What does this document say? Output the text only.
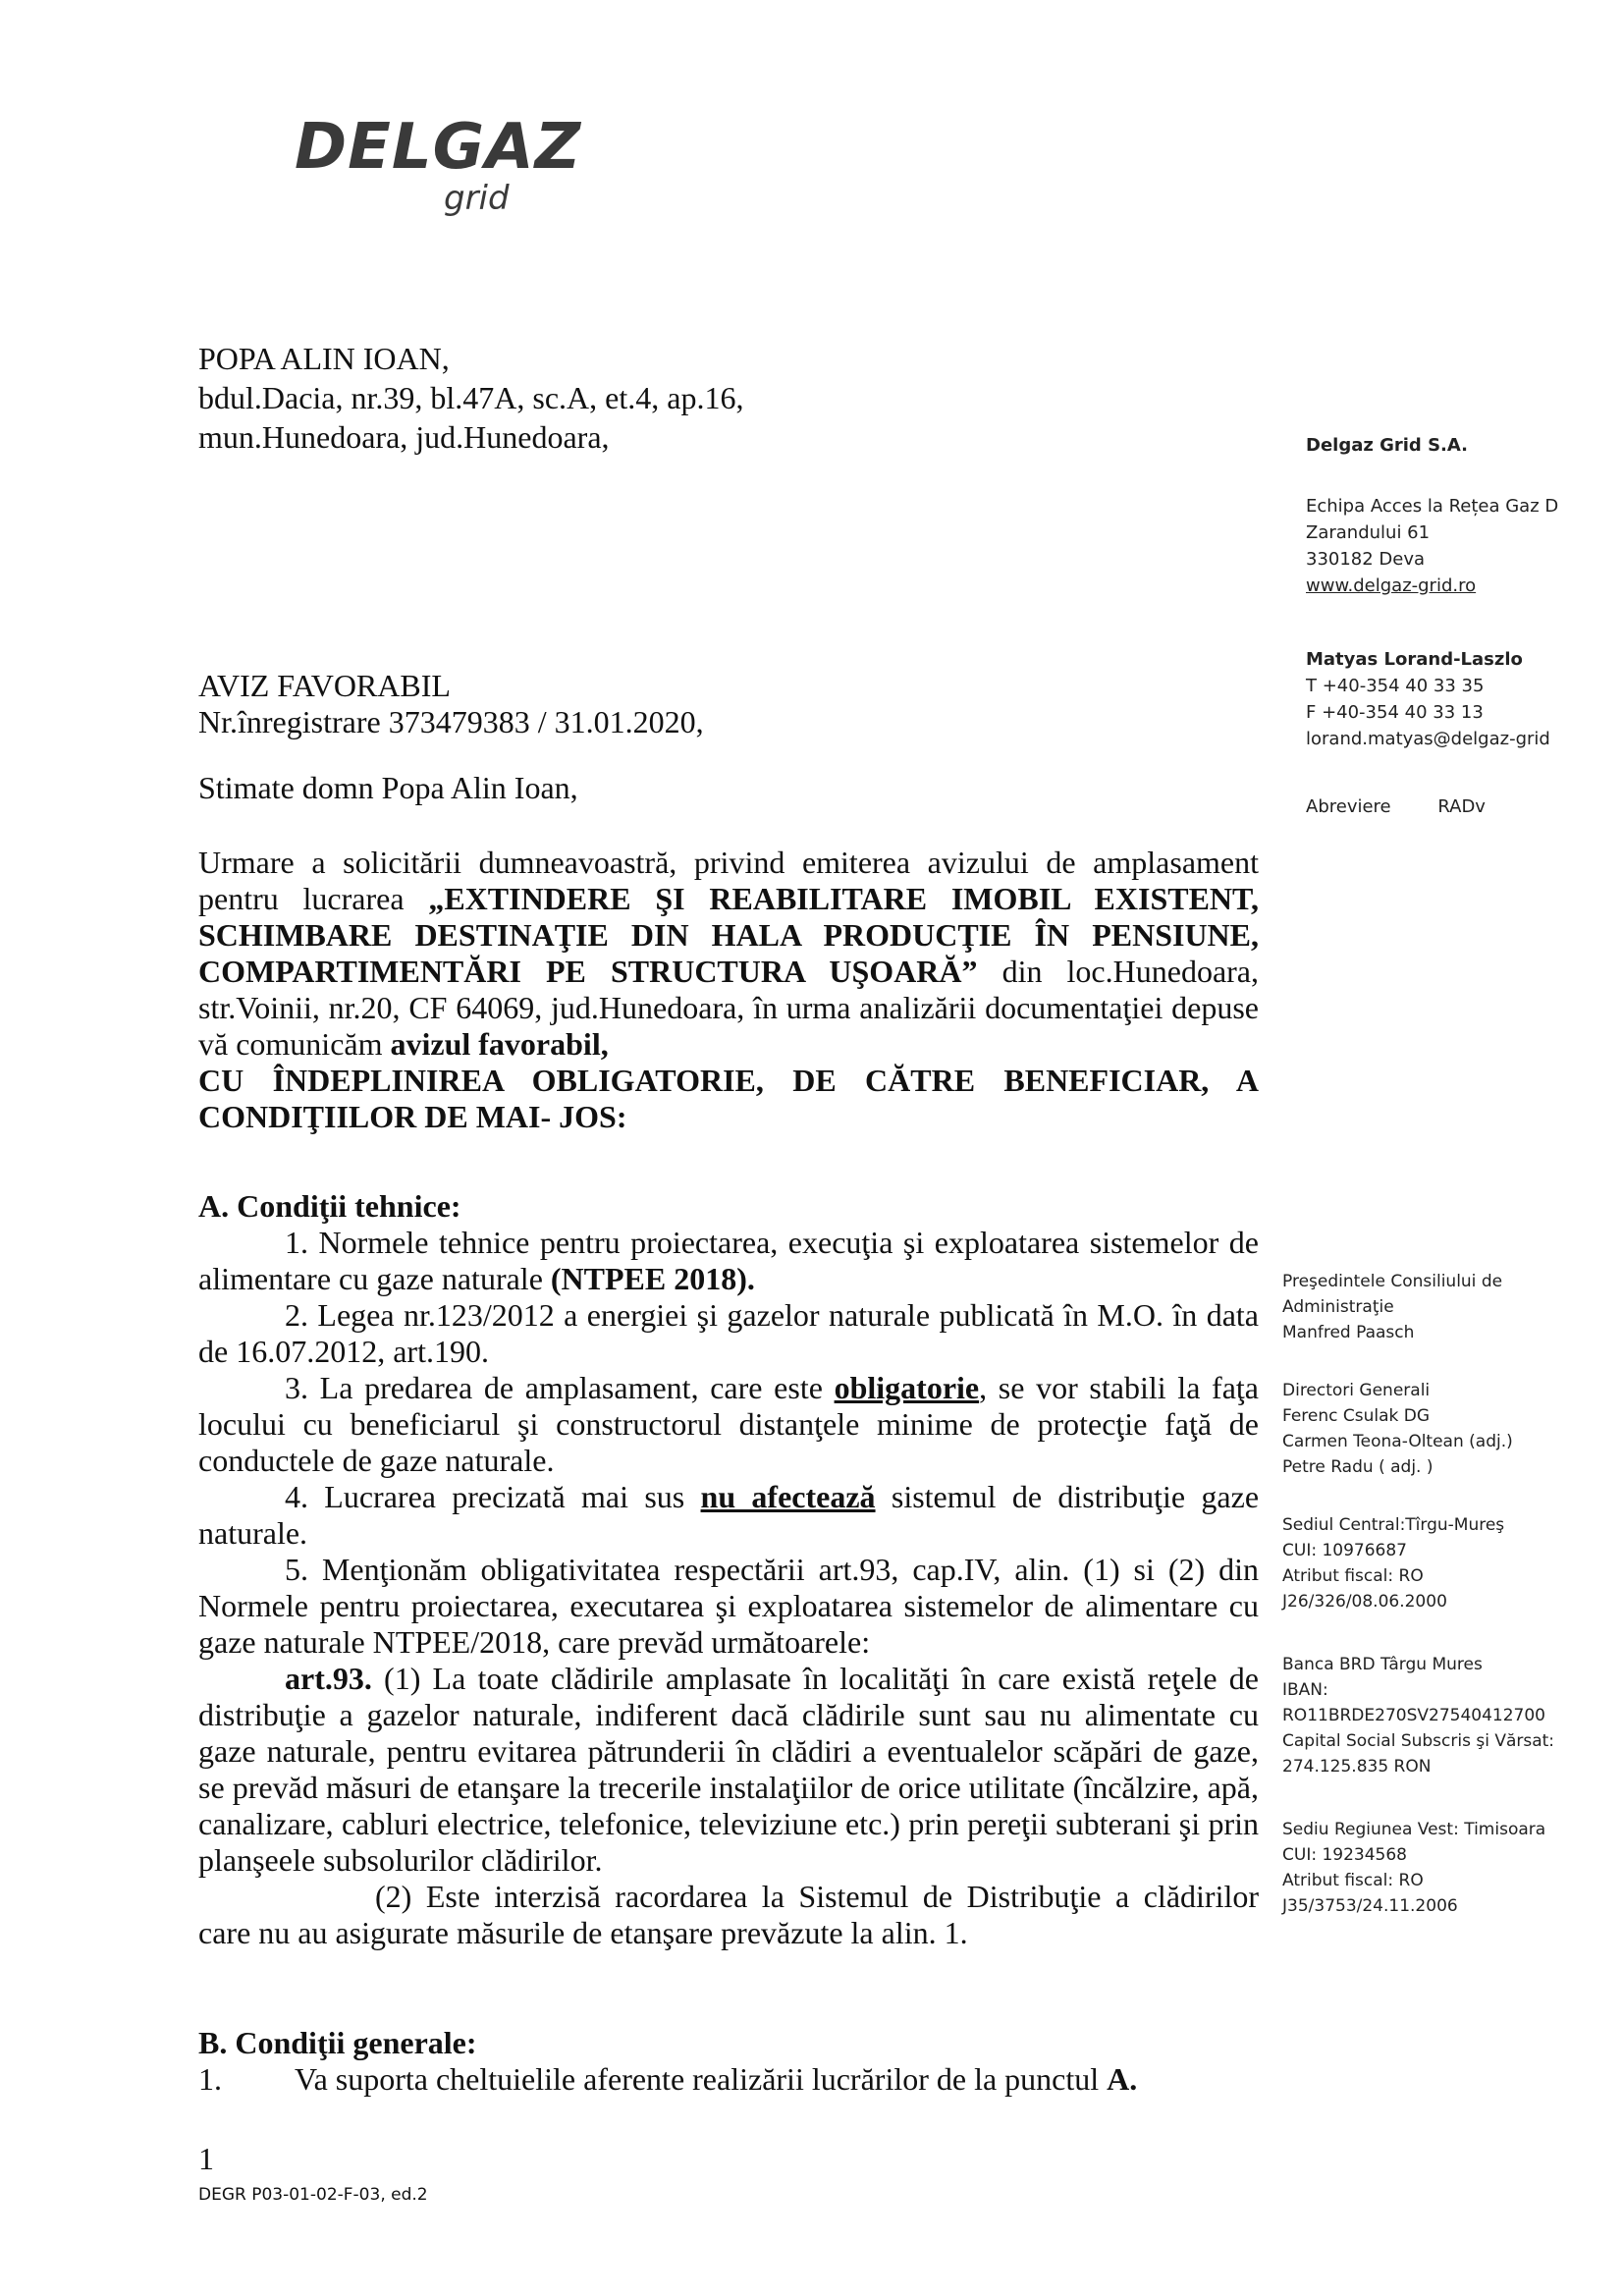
DELGAZ
grid
POPA ALIN IOAN,
bdul.Dacia, nr.39, bl.47A, sc.A, et.4, ap.16,
mun.Hunedoara, jud.Hunedoara,	Delgaz Grid S.A.
Echipa Acces la Rețea Gaz D
Zarandului 61
330182 Deva
www.delgaz-grid.ro
Matyas Lorand-Laszlo
T +40-354 40 33 35
F +40-354 40 33 13
lorand.matyas@delgaz-grid
Abreviere	RADv
Preşedintele Consiliului de
Administraţie
Manfred Paasch
Directori Generali
Ferenc Csulak DG
Carmen Teona-Oltean (adj.)
Petre Radu ( adj. )
Sediul Central:Tîrgu-Mureş
CUI: 10976687
Atribut fiscal: RO
J26/326/08.06.2000
Banca BRD Târgu Mures
IBAN:
RO11BRDE270SV27540412700
Capital Social Subscris şi Vărsat:
274.125.835 RON
Sediu Regiunea Vest: Timisoara
CUI: 19234568
Atribut fiscal: RO
J35/3753/24.11.2006
AVIZ FAVORABIL
Nr.înregistrare 373479383 / 31.01.2020,
Stimate domn Popa Alin Ioan,

Urmare a solicitării dumneavoastră, privind emiterea avizului de amplasament pentru lucrarea „EXTINDERE ŞI REABILITARE IMOBIL EXISTENT, SCHIMBARE DESTINAŢIE DIN HALA PRODUCŢIE ÎN PENSIUNE, COMPARTIMENTĂRI PE STRUCTURA UŞOARĂ” din loc.Hunedoara, str.Voinii, nr.20, CF 64069, jud.Hunedoara, în urma analizării documentaţiei depuse vă comunicăm avizul favorabil,

CU ÎNDEPLINIREA OBLIGATORIE, DE CĂTRE BENEFICIAR, A CONDIŢIILOR DE MAI- JOS:

A. Condiţii tehnice:

1. Normele tehnice pentru proiectarea, execuţia şi exploatarea sistemelor de alimentare cu gaze naturale (NTPEE 2018).

2. Legea nr.123/2012 a energiei şi gazelor naturale publicată în M.O. în data de 16.07.2012, art.190.

3. La predarea de amplasament, care este obligatorie, se vor stabili la faţa locului cu beneficiarul şi constructorul distanţele minime de protecţie faţă de conductele de gaze naturale.

4. Lucrarea precizată mai sus nu afectează sistemul de distribuţie gaze naturale.

5. Menţionăm obligativitatea respectării art.93, cap.IV, alin. (1) si (2) din Normele pentru proiectarea, executarea şi exploatarea sistemelor de alimentare cu gaze naturale NTPEE/2018, care prevăd următoarele:

art.93. (1) La toate clădirile amplasate în localităţi în care există reţele de distribuţie a gazelor naturale, indiferent dacă clădirile sunt sau nu alimentate cu gaze naturale, pentru evitarea pătrunderii în clădiri a eventualelor scăpări de gaze, se prevăd măsuri de etanşare la trecerile instalaţiilor de orice utilitate (încălzire, apă, canalizare, cabluri electrice, telefonice, televiziune etc.) prin pereţii subterani şi prin planşeele subsolurilor clădirilor.

(2) Este interzisă racordarea la Sistemul de Distribuţie a clădirilor care nu au asigurate măsurile de etanşare prevăzute la alin. 1.

B. Condiţii generale:

1. Va suporta cheltuielile aferente realizării lucrărilor de la punctul A.

1
DEGR P03-01-02-F-03, ed.2
